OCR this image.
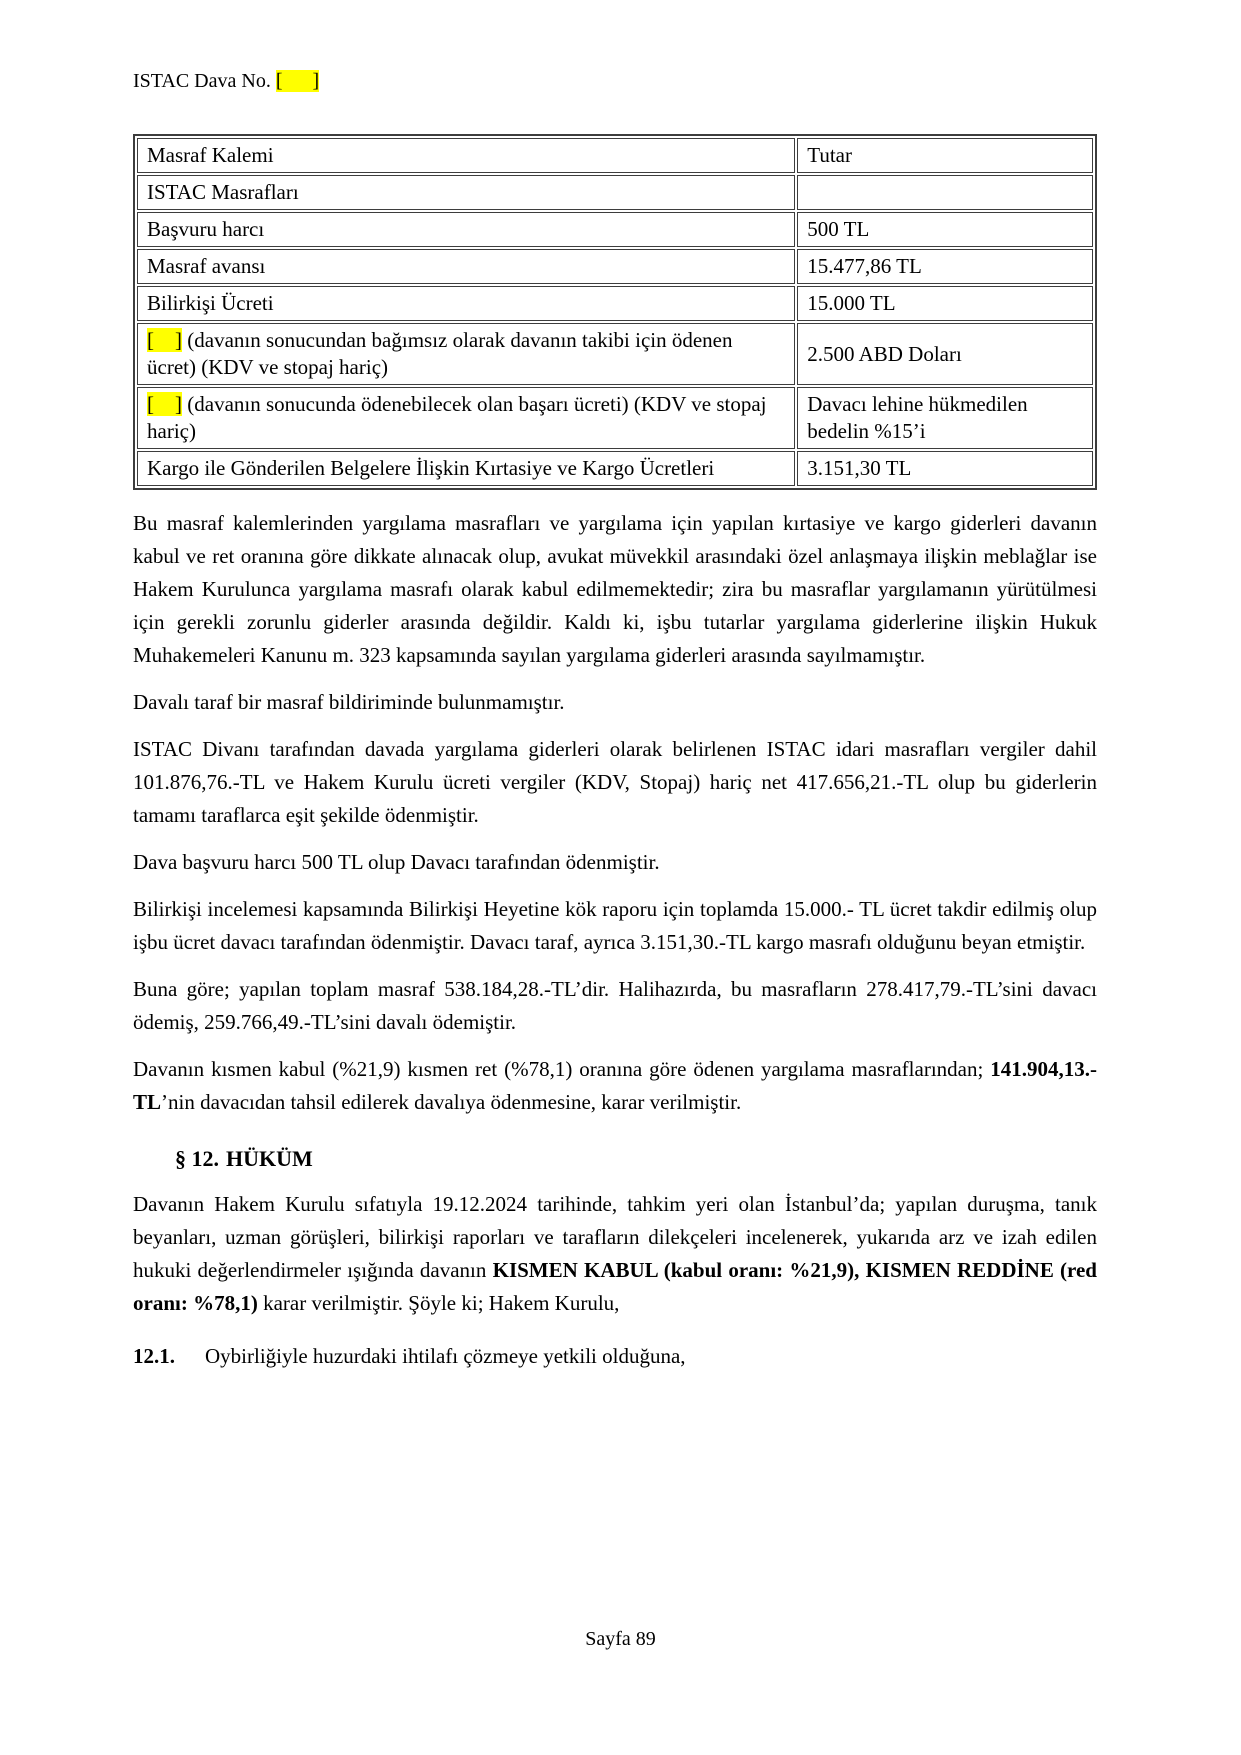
ISTAC Dava No. [      ]
Masraf Kalemi	Tutar
ISTAC Masrafları	
Başvuru harcı	500 TL
Masraf avansı	15.477,86 TL
Bilirkişi Ücreti	15.000 TL
[    ] (davanın sonucundan bağımsız olarak davanın takibi için ödenen ücret) (KDV ve stopaj hariç)	2.500 ABD Doları
[    ] (davanın sonucunda ödenebilecek olan başarı ücreti) (KDV ve stopaj hariç)	Davacı lehine hükmedilen bedelin %15’i
Kargo ile Gönderilen Belgelere İlişkin Kırtasiye ve Kargo Ücretleri	3.151,30 TL

Bu masraf kalemlerinden yargılama masrafları ve yargılama için yapılan kırtasiye ve kargo giderleri davanın kabul ve ret oranına göre dikkate alınacak olup, avukat müvekkil arasındaki özel anlaşmaya ilişkin meblağlar ise Hakem Kurulunca yargılama masrafı olarak kabul edilmemektedir; zira bu masraflar yargılamanın yürütülmesi için gerekli zorunlu giderler arasında değildir. Kaldı ki, işbu tutarlar yargılama giderlerine ilişkin Hukuk Muhakemeleri Kanunu m. 323 kapsamında sayılan yargılama giderleri arasında sayılmamıştır.

Davalı taraf bir masraf bildiriminde bulunmamıştır.

ISTAC Divanı tarafından davada yargılama giderleri olarak belirlenen ISTAC idari masrafları vergiler dahil 101.876,76.-TL ve Hakem Kurulu ücreti vergiler (KDV, Stopaj) hariç net 417.656,21.-TL olup bu giderlerin tamamı taraflarca eşit şekilde ödenmiştir.

Dava başvuru harcı 500 TL olup Davacı tarafından ödenmiştir.

Bilirkişi incelemesi kapsamında Bilirkişi Heyetine kök raporu için toplamda 15.000.- TL ücret takdir edilmiş olup işbu ücret davacı tarafından ödenmiştir. Davacı taraf, ayrıca 3.151,30.-TL kargo masrafı olduğunu beyan etmiştir.

Buna göre; yapılan toplam masraf 538.184,28.-TL’dir. Halihazırda, bu masrafların 278.417,79.-TL’sini davacı ödemiş, 259.766,49.-TL’sini davalı ödemiştir.

Davanın kısmen kabul (%21,9) kısmen ret (%78,1) oranına göre ödenen yargılama masraflarından; 141.904,13.-TL’nin davacıdan tahsil edilerek davalıya ödenmesine, karar verilmiştir.

§ 12. HÜKÜM

Davanın Hakem Kurulu sıfatıyla 19.12.2024 tarihinde, tahkim yeri olan İstanbul’da; yapılan duruşma, tanık beyanları, uzman görüşleri, bilirkişi raporları ve tarafların dilekçeleri incelenerek, yukarıda arz ve izah edilen hukuki değerlendirmeler ışığında davanın KISMEN KABUL (kabul oranı: %21,9), KISMEN REDDİNE (red oranı: %78,1) karar verilmiştir. Şöyle ki; Hakem Kurulu,

12.1. Oybirliğiyle huzurdaki ihtilafı çözmeye yetkili olduğuna,

Sayfa 89
